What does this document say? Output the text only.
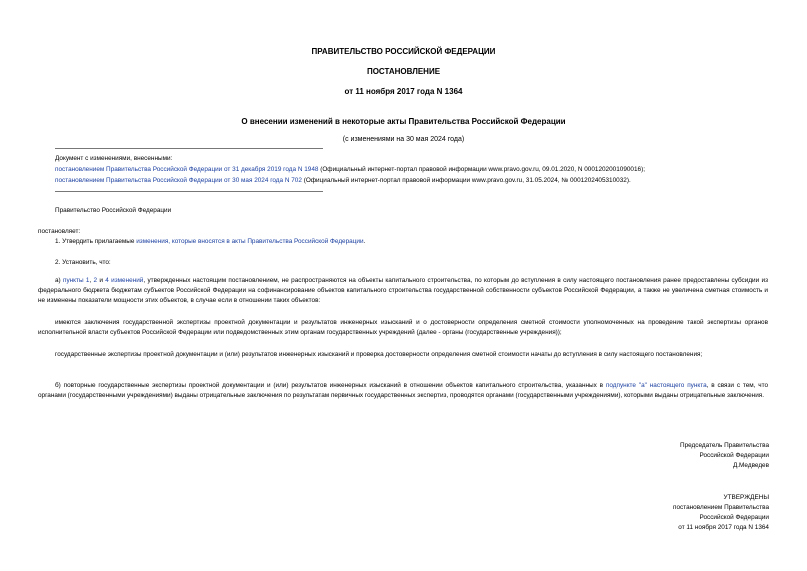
ПРАВИТЕЛЬСТВО РОССИЙСКОЙ ФЕДЕРАЦИИ
ПОСТАНОВЛЕНИЕ
от 11 ноября 2017 года N 1364
О внесении изменений в некоторые акты Правительства Российской Федерации
(с изменениями на 30 мая 2024 года)
Документ с изменениями, внесенными:
постановлением Правительства Российской Федерации от 31 декабря 2019 года N 1948 (Официальный интернет-портал правовой информации www.pravo.gov.ru, 09.01.2020, N 0001202001090016);
постановлением Правительства Российской Федерации от 30 мая 2024 года N 702 (Официальный интернет-портал правовой информации www.pravo.gov.ru, 31.05.2024, № 0001202405310032).
Правительство Российской Федерации
постановляет:
1. Утвердить прилагаемые изменения, которые вносятся в акты Правительства Российской Федерации.
2. Установить, что:
а) пункты 1, 2 и 4 изменений, утвержденных настоящим постановлением, не распространяются на объекты капитального строительства, по которым до вступления в силу настоящего постановления ранее предоставлены субсидии из федерального бюджета бюджетам субъектов Российской Федерации на софинансирование объектов капитального строительства государственной собственности субъектов Российской Федерации, а также не увеличена сметная стоимость и не изменены показатели мощности этих объектов, в случае если в отношении таких объектов:
имеются заключения государственной экспертизы проектной документации и результатов инженерных изысканий и о достоверности определения сметной стоимости уполномоченных на проведение такой экспертизы органов исполнительной власти субъектов Российской Федерации или подведомственных этим органам государственных учреждений (далее - органы (государственные учреждения));
государственные экспертизы проектной документации и (или) результатов инженерных изысканий и проверка достоверности определения сметной стоимости начаты до вступления в силу настоящего постановления;
б) повторные государственные экспертизы проектной документации и (или) результатов инженерных изысканий в отношении объектов капитального строительства, указанных в подпункте "а" настоящего пункта, в связи с тем, что органами (государственными учреждениями) выданы отрицательные заключения по результатам первичных государственных экспертиз, проводятся органами (государственными учреждениями), которыми выданы отрицательные заключения.
Председатель Правительства
Российской Федерации
Д.Медведев
УТВЕРЖДЕНЫ
постановлением Правительства
Российской Федерации
от 11 ноября 2017 года N 1364
